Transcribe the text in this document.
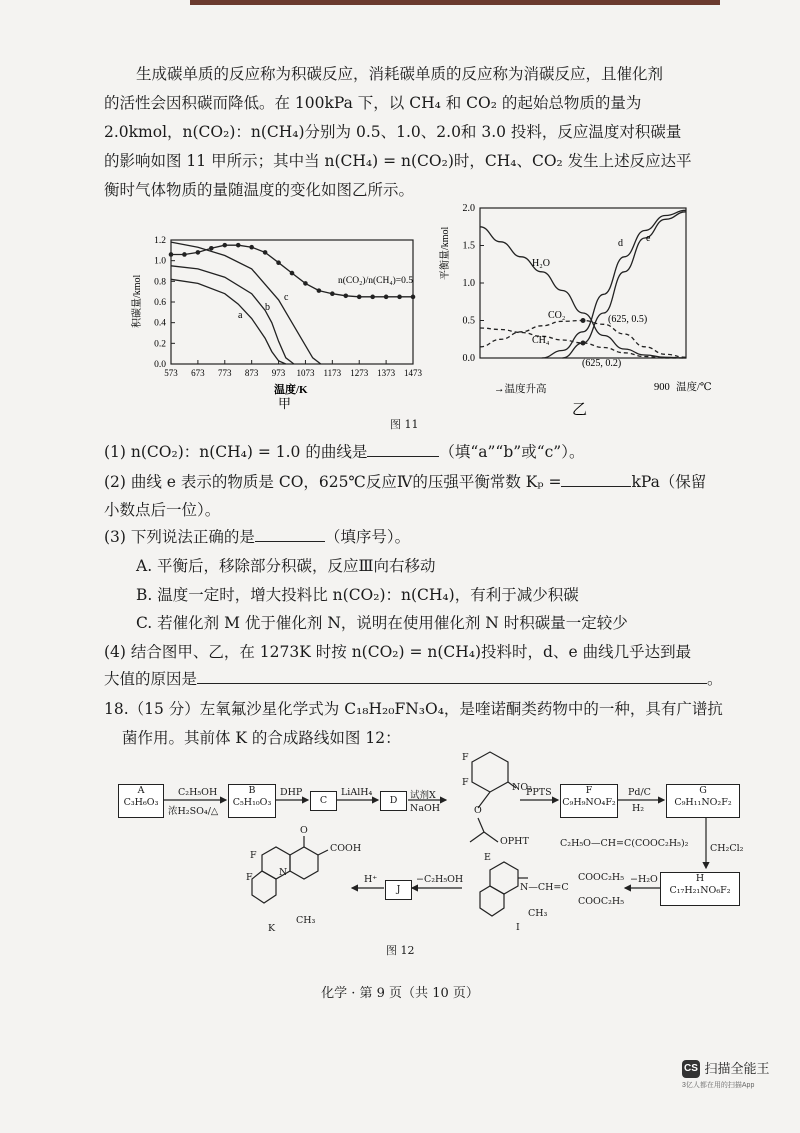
生成碳单质的反应称为积碳反应，消耗碳单质的反应称为消碳反应，且催化剂
的活性会因积碳而降低。在 100kPa 下，以 CH₄ 和 CO₂ 的起始总物质的量为
2.0kmol，n(CO₂)：n(CH₄)分别为 0.5、1.0、2.0和 3.0 投料，反应温度对积碳量
的影响如图 11 甲所示；其中当 n(CH₄) = n(CO₂)时，CH₄、CO₂ 发生上述反应达平
衡时气体物质的量随温度的变化如图乙所示。
0.0
0.2
0.4
0.6
0.8
1.0
1.2
573 673 773 873 973 1073 1173 1273 1373 1473
积碳量/kmol
温度/K
甲
n(CO₂)/n(CH₄)=0.5
a
b
c
0.0
0.5
1.0
1.5
2.0
平衡量/kmol
→温度升高	900 温度/℃
乙
H₂O
CO₂
CH₄
d e
(625, 0.5)
(625, 0.2)
图 11
(1) n(CO₂)：n(CH₄) = 1.0 的曲线是	（填“a”“b”或“c”）。
(2) 曲线 e 表示的物质是 CO，625℃反应Ⅳ的压强平衡常数 Kₚ =	kPa（保留
小数点后一位）。
(3) 下列说法正确的是	（填序号）。
A. 平衡后，移除部分积碳，反应Ⅲ向右移动
B. 温度一定时，增大投料比 n(CO₂)：n(CH₄)，有利于减少积碳
C. 若催化剂 M 优于催化剂 N，说明在使用催化剂 N 时积碳量一定较少
(4) 结合图甲、乙，在 1273K 时按 n(CO₂) = n(CH₄)投料时，d、e 曲线几乎达到最
大值的原因是	。
18.（15 分）左氧氟沙星化学式为 C₁₈H₂₀FN₃O₄，是喹诺酮类药物中的一种，具有广谱抗
菌作用。其前体 K 的合成路线如图 12：
A
C₃H₆O₃
C₂H₅OH
浓H₂SO₄/△
B
C₅H₁₀O₃
DHP
C
LiAlH₄
D	试剂X
NaOH
F
F	NO₂
O
OPHT
E
PPTS	F
C₉H₉NO₄F₂
Pd/C
H₂
G
C₉H₁₁NO₂F₂
C₂H₅O—CH=C(COOC₂H₅)₂ CH₂Cl₂
H
C₁₇H₂₁NO₆F₂
−H₂O
N—CH=C
COOC₂H₅
COOC₂H₅
CH₃
I
−C₂H₅OH
J
H⁺
O
COOH
F
F	N
CH₃
K
图 12
化学 · 第 9 页（共 10 页）
CS $^{扫描全能王}$
3亿人都在用的扫描App
